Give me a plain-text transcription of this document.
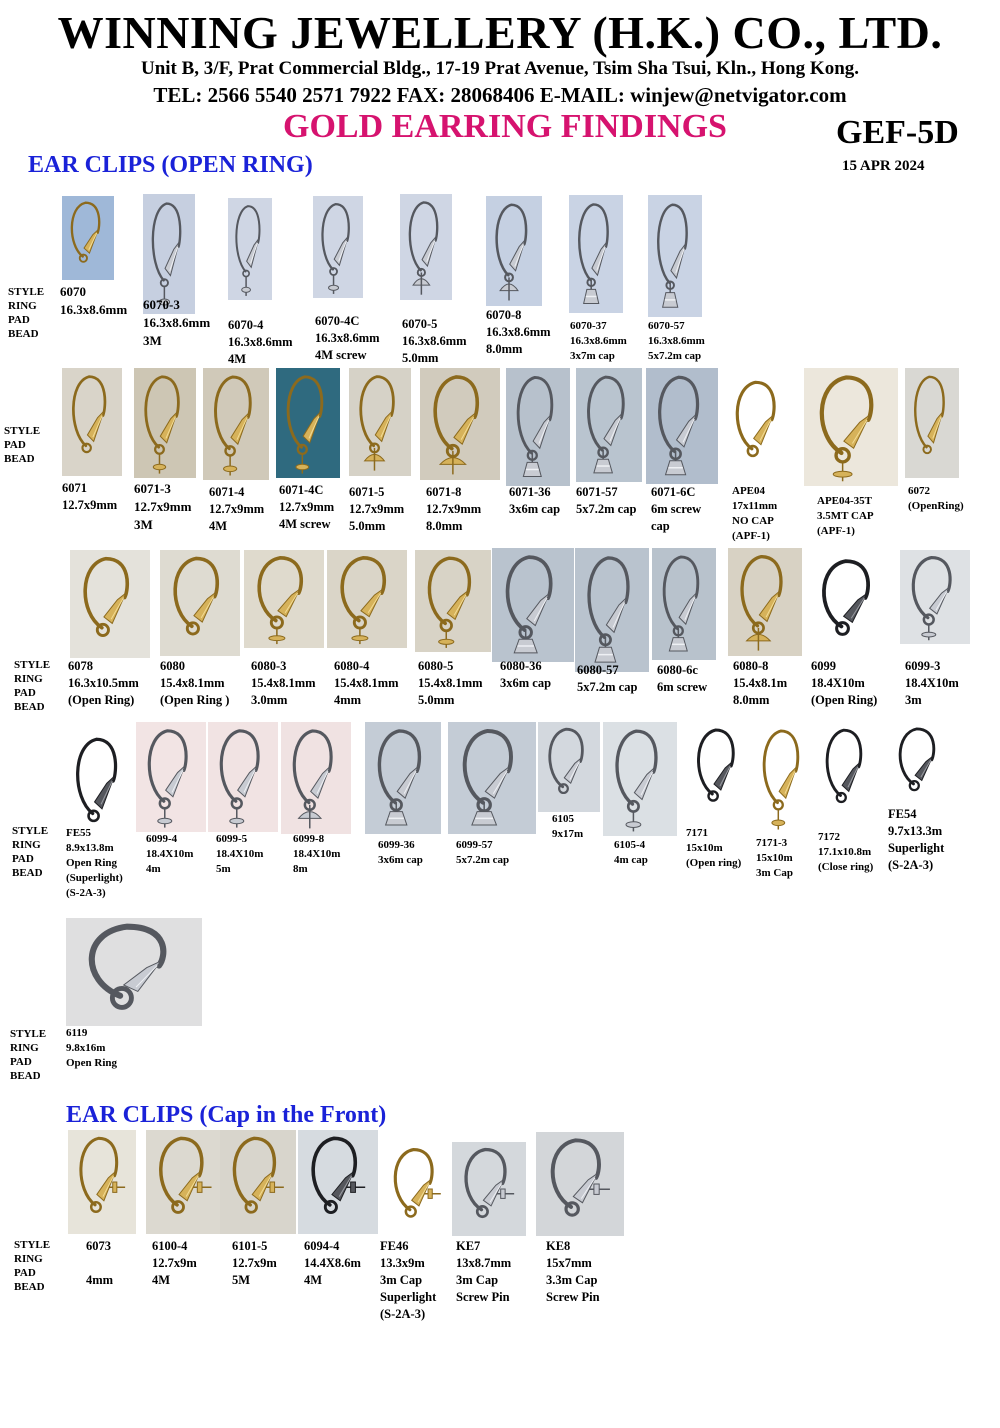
WINNING JEWELLERY (H.K.) CO., LTD.
Unit B, 3/F, Prat Commercial Bldg., 17-19 Prat Avenue, Tsim Sha Tsui, Kln., Hong Kong.
TEL: 2566 5540 2571 7922 FAX: 28068406 E-MAIL: winjew@netvigator.com
GOLD EARRING FINDINGS	GEF-5D
15 APR 2024
EAR CLIPS (OPEN RING)
EAR CLIPS (Cap in the Front)
STYLE
RING
PAD
BEAD
STYLE
PAD
BEAD
STYLE
RING
PAD
BEAD
STYLE
RING
PAD
BEAD
STYLE
RING
PAD
BEAD
STYLE
RING
PAD
BEAD
6070
16.3x8.6mm 6070-3
16.3x8.6mm
3M
6070-4
16.3x8.6mm
4M
6070-4C
16.3x8.6mm
4M screw
6070-5
16.3x8.6mm
5.0mm
6070-8
16.3x8.6mm
8.0mm
6070-37
16.3x8.6mm
3x7m cap
6070-57
16.3x8.6mm
5x7.2m cap
6071
12.7x9mm
6071-3
12.7x9mm
3M
6071-4
12.7x9mm
4M
6071-4C
12.7x9mm
4M screw
6071-5
12.7x9mm
5.0mm
6071-8
12.7x9mm
8.0mm
6071-36
3x6m cap
6071-57
5x7.2m cap
6071-6C
6m screw
cap
APE04
17x11mm
NO CAP
(APF-1)
APE04-35T
3.5MT CAP
(APF-1)
6072
(OpenRing)
6078
16.3x10.5mm
(Open Ring)
6080
15.4x8.1mm
(Open Ring )
6080-3
15.4x8.1mm
3.0mm
6080-4
15.4x8.1mm
4mm
6080-5
15.4x8.1mm
5.0mm
6080-36
3x6m cap
6080-57
5x7.2m cap
6080-6c
6m screw
6080-8
15.4x8.1m
8.0mm
6099
18.4X10m
(Open Ring)
6099-3
18.4X10m
3m
FE55
8.9x13.8m
Open Ring
(Superlight)
(S-2A-3)
6099-4
18.4X10m
4m
6099-5
18.4X10m
5m
6099-8
18.4X10m
8m
6099-36
3x6m cap
6099-57
5x7.2m cap
6105
9x17m
6105-4
4m cap
7171
15x10m
(Open ring)
7171-3
15x10m
3m Cap
7172
17.1x10.8m
(Close ring)
FE54
9.7x13.3m
Superlight
(S-2A-3)
6119
9.8x16m
Open Ring
6073

4mm
6100-4
12.7x9m
4M
6101-5
12.7x9m
5M
6094-4
14.4X8.6m
4M
FE46
13.3x9m
3m Cap
Superlight
(S-2A-3)
KE7
13x8.7mm
3m Cap
Screw Pin
KE8
15x7mm
3.3m Cap
Screw Pin
